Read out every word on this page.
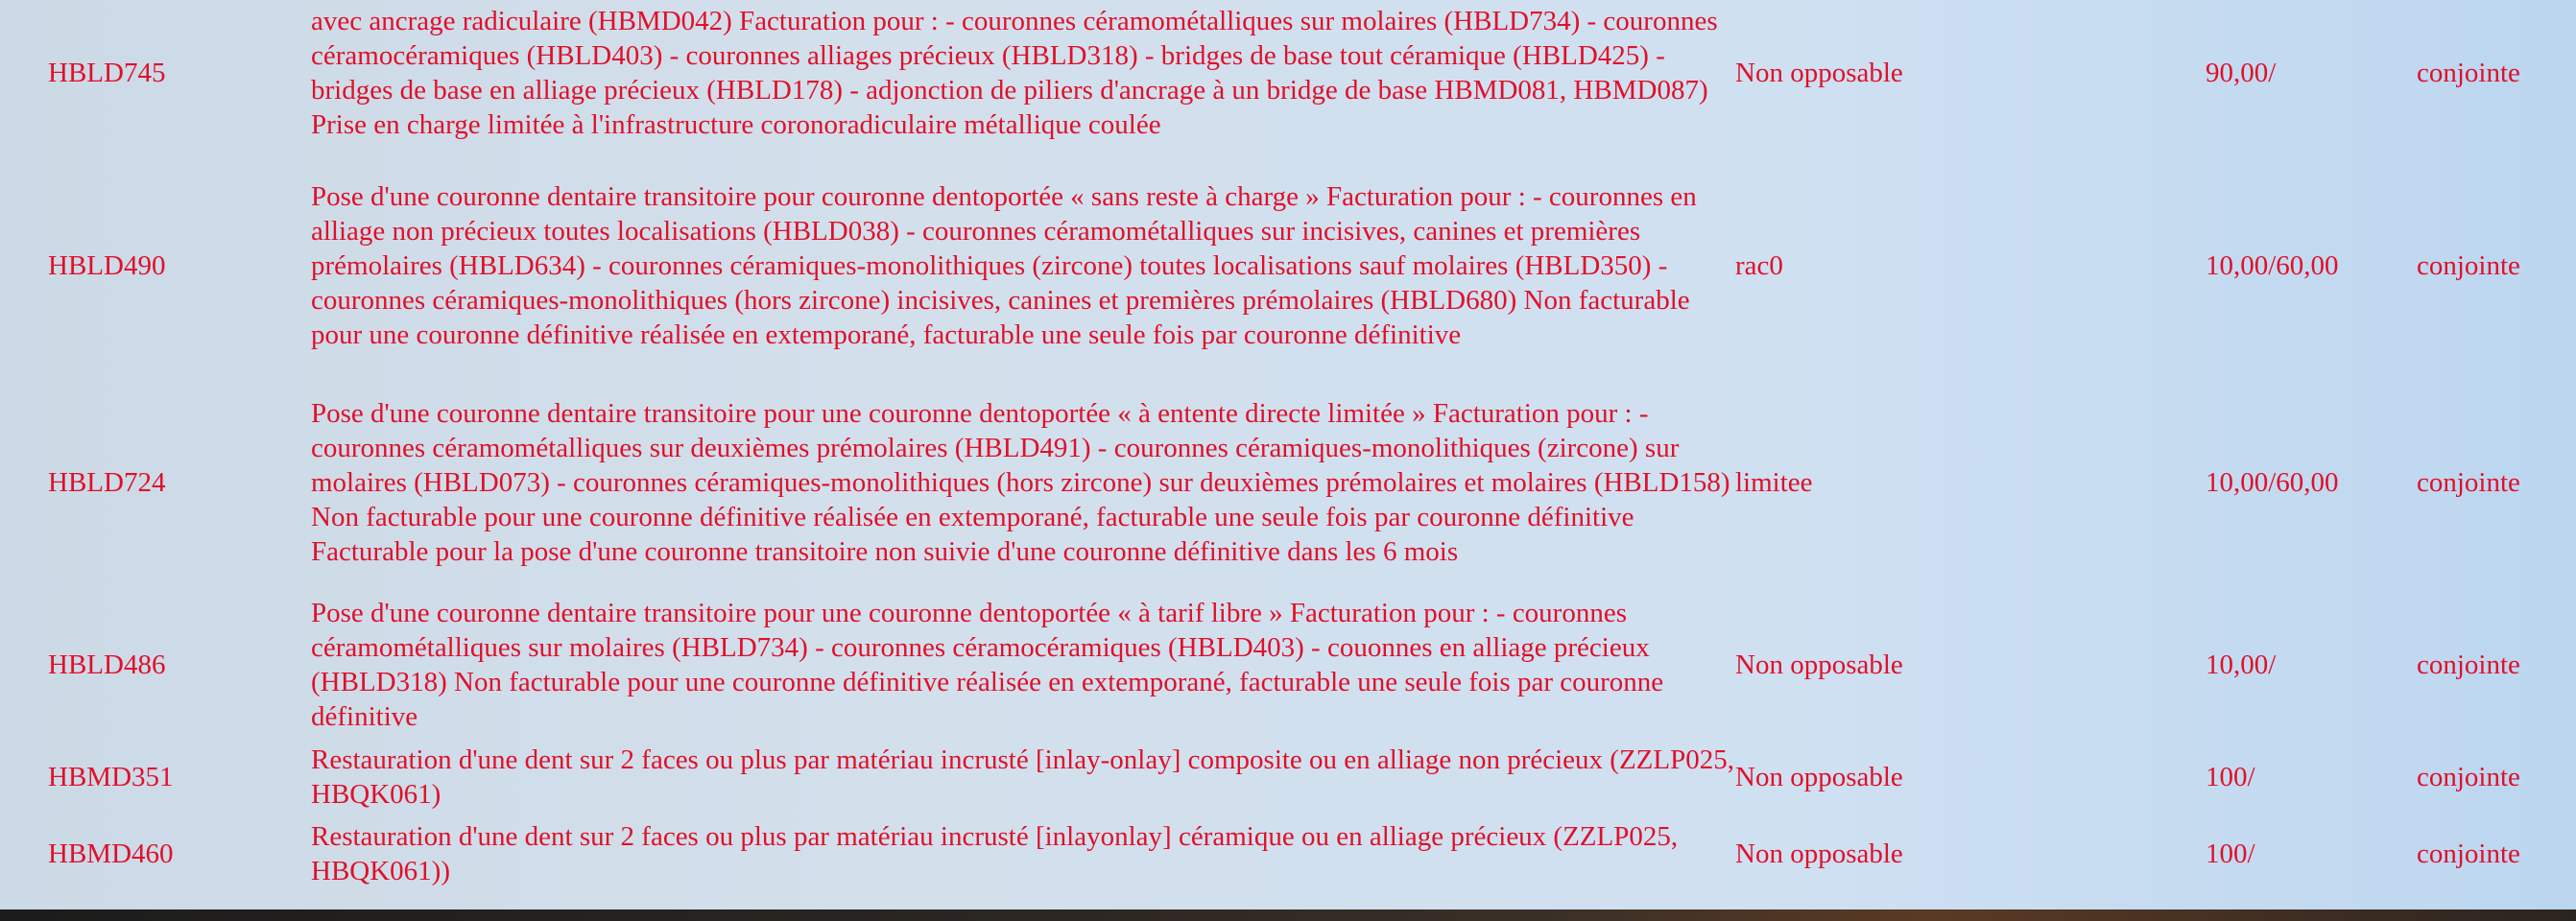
HBLD745	avec ancrage radiculaire (HBMD042) Facturation pour : - couronnes céramométalliques sur molaires (HBLD734) - couronnes céramocéramiques (HBLD403) - couronnes alliages précieux (HBLD318) - bridges de base tout céramique (HBLD425) - bridges de base en alliage précieux (HBLD178) - adjonction de piliers d'ancrage à un bridge de base HBMD081, HBMD087) Prise en charge limitée à l'infrastructure coronoradiculaire métallique coulée	Non opposable	90,00/	conjointe
HBLD490	Pose d'une couronne dentaire transitoire pour couronne dentoportée « sans reste à charge » Facturation pour : - couronnes en alliage non précieux toutes localisations (HBLD038) - couronnes céramométalliques sur incisives, canines et premières prémolaires (HBLD634) - couronnes céramiques-monolithiques (zircone) toutes localisations sauf molaires (HBLD350) - couronnes céramiques-monolithiques (hors zircone) incisives, canines et premières prémolaires (HBLD680) Non facturable pour une couronne définitive réalisée en extemporané, facturable une seule fois par couronne définitive	rac0	10,00/60,00	conjointe
HBLD724	Pose d'une couronne dentaire transitoire pour une couronne dentoportée « à entente directe limitée » Facturation pour : - couronnes céramométalliques sur deuxièmes prémolaires (HBLD491) - couronnes céramiques-monolithiques (zircone) sur molaires (HBLD073) - couronnes céramiques-monolithiques (hors zircone) sur deuxièmes prémolaires et molaires (HBLD158) Non facturable pour une couronne définitive réalisée en extemporané, facturable une seule fois par couronne définitive Facturable pour la pose d'une couronne transitoire non suivie d'une couronne définitive dans les 6 mois	limitee	10,00/60,00	conjointe
HBLD486	Pose d'une couronne dentaire transitoire pour une couronne dentoportée « à tarif libre » Facturation pour : - couronnes céramométalliques sur molaires (HBLD734) - couronnes céramocéramiques (HBLD403) - couonnes en alliage précieux (HBLD318) Non facturable pour une couronne définitive réalisée en extemporané, facturable une seule fois par couronne définitive	Non opposable	10,00/	conjointe
HBMD351	Restauration d'une dent sur 2 faces ou plus par matériau incrusté [inlay-onlay] composite ou en alliage non précieux (ZZLP025, HBQK061)	Non opposable	100/	conjointe
HBMD460	Restauration d'une dent sur 2 faces ou plus par matériau incrusté [inlayonlay] céramique ou en alliage précieux (ZZLP025, HBQK061))	Non opposable	100/	conjointe
